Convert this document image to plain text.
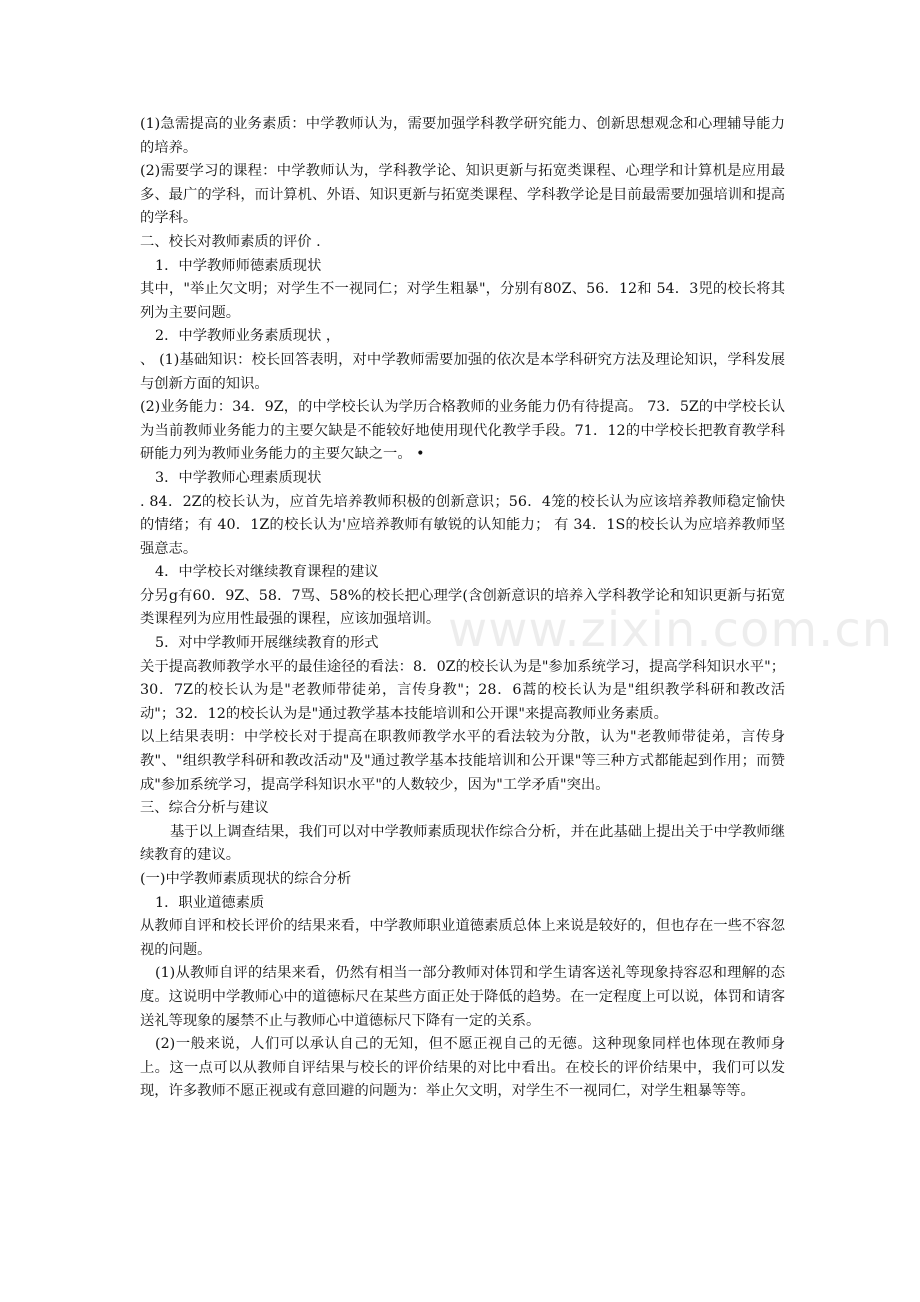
(1)急需提高的业务素质：中学教师认为，需要加强学科教学研究能力、创新思想观念和心理辅导能力的培养。

(2)需要学习的课程：中学教师认为，学科教学论、知识更新与拓宽类课程、心理学和计算机是应用最多、最广的学科，而计算机、外语、知识更新与拓宽类课程、学科教学论是目前最需要加强培训和提高的学科。

二、校长对教师素质的评价 .

1．中学教师师德素质现状

其中，"举止欠文明；对学生不一视同仁；对学生粗暴"，分别有80Z、56．12和 54．3兕的校长将其列为主要问题。

2．中学教师业务素质现状 ，

、 (1)基础知识：校长回答表明，对中学教师需要加强的依次是本学科研究方法及理论知识，学科发展与创新方面的知识。

(2)业务能力：34．9Z，的中学校长认为学历合格教师的业务能力仍有待提高。 73．5Z的中学校长认为当前教师业务能力的主要欠缺是不能较好地使用现代化教学手段。71．12的中学校长把教育教学科研能力列为教师业务能力的主要欠缺之一。 •

3．中学教师心理素质现状

. 84．2Z的校长认为，应首先培养教师积极的创新意识；56．4笼的校长认为应该培养教师稳定愉快的情绪；有 40．1Z的校长认为'应培养教师有敏锐的认知能力； 有 34．1S的校长认为应培养教师坚强意志。

4．中学校长对继续教育课程的建议

分另g有60．9Z、58．7骂、58%的校长把心理学(含创新意识的培养入学科教学论和知识更新与拓宽类课程列为应用性最强的课程，应该加强培训。

5．对中学教师开展继续教育的形式

关于提高教师教学水平的最佳途径的看法：8．0Z的校长认为是"参加系统学习，提高学科知识水平"；30．7Z的校长认为是"老教师带徒弟，言传身教"；28．6蒿的校长认为是"组织教学科研和教改活动"；32．12的校长认为是"通过教学基本技能培训和公开课"来提高教师业务素质。

以上结果表明：中学校长对于提高在职教师教学水平的看法较为分散，认为"老教师带徒弟，言传身教"、"组织教学科研和教改活动"及"通过教学基本技能培训和公开课"等三种方式都能起到作用；而赞成"参加系统学习，提高学科知识水平"的人数较少，因为"工学矛盾"突出。

三、综合分析与建议

基于以上调查结果，我们可以对中学教师素质现状作综合分析，并在此基础上提出关于中学教师继续教育的建议。

(一)中学教师素质现状的综合分析

1．职业道德素质

从教师自评和校长评价的结果来看，中学教师职业道德素质总体上来说是较好的，但也存在一些不容忽视的问题。

(1)从教师自评的结果来看，仍然有相当一部分教师对体罚和学生请客送礼等现象持容忍和理解的态度。这说明中学教师心中的道德标尺在某些方面正处于降低的趋势。在一定程度上可以说，体罚和请客送礼等现象的屡禁不止与教师心中道德标尺下降有一定的关系。

(2)一般来说，人们可以承认自己的无知，但不愿正视自己的无德。这种现象同样也体现在教师身上。这一点可以从教师自评结果与校长的评价结果的对比中看出。在校长的评价结果中，我们可以发现，许多教师不愿正视或有意回避的问题为：举止欠文明，对学生不一视同仁，对学生粗暴等等。

www.zixin.com.cn
